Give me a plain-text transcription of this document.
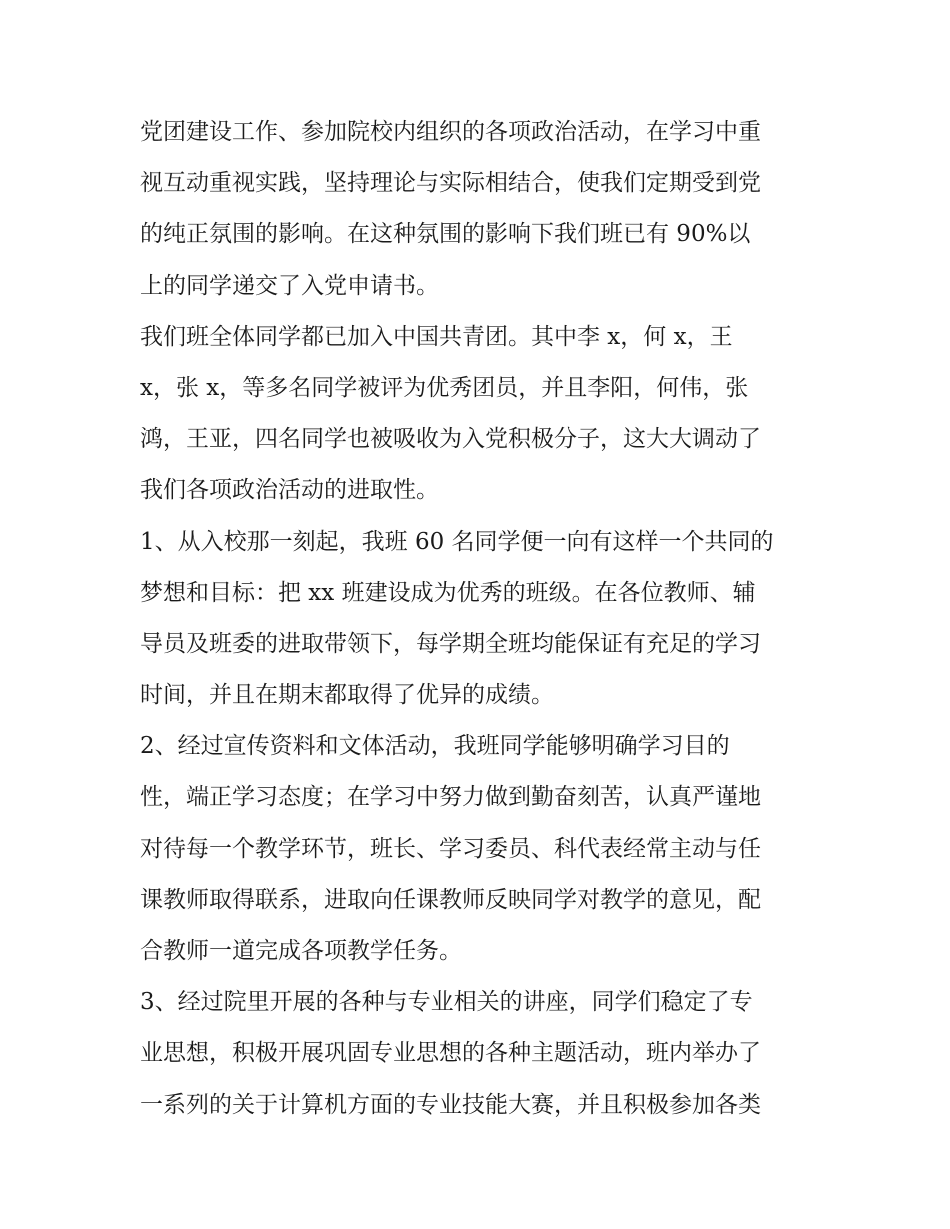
党团建设工作、参加院校内组织的各项政治活动，在学习中重
视互动重视实践，坚持理论与实际相结合，使我们定期受到党
的纯正氛围的影响。在这种氛围的影响下我们班已有 90%以
上的同学递交了入党申请书。

我们班全体同学都已加入中国共青团。其中李 x，何 x，王
x，张 x，等多名同学被评为优秀团员，并且李阳，何伟，张
鸿，王亚，四名同学也被吸收为入党积极分子，这大大调动了
我们各项政治活动的进取性。

1、从入校那一刻起，我班 60 名同学便一向有这样一个共同的
梦想和目标：把 xx 班建设成为优秀的班级。在各位教师、辅
导员及班委的进取带领下，每学期全班均能保证有充足的学习
时间，并且在期末都取得了优异的成绩。

2、经过宣传资料和文体活动，我班同学能够明确学习目的
性，端正学习态度；在学习中努力做到勤奋刻苦，认真严谨地
对待每一个教学环节，班长、学习委员、科代表经常主动与任
课教师取得联系，进取向任课教师反映同学对教学的意见，配
合教师一道完成各项教学任务。

3、经过院里开展的各种与专业相关的讲座，同学们稳定了专
业思想，积极开展巩固专业思想的各种主题活动，班内举办了
一系列的关于计算机方面的专业技能大赛，并且积极参加各类
